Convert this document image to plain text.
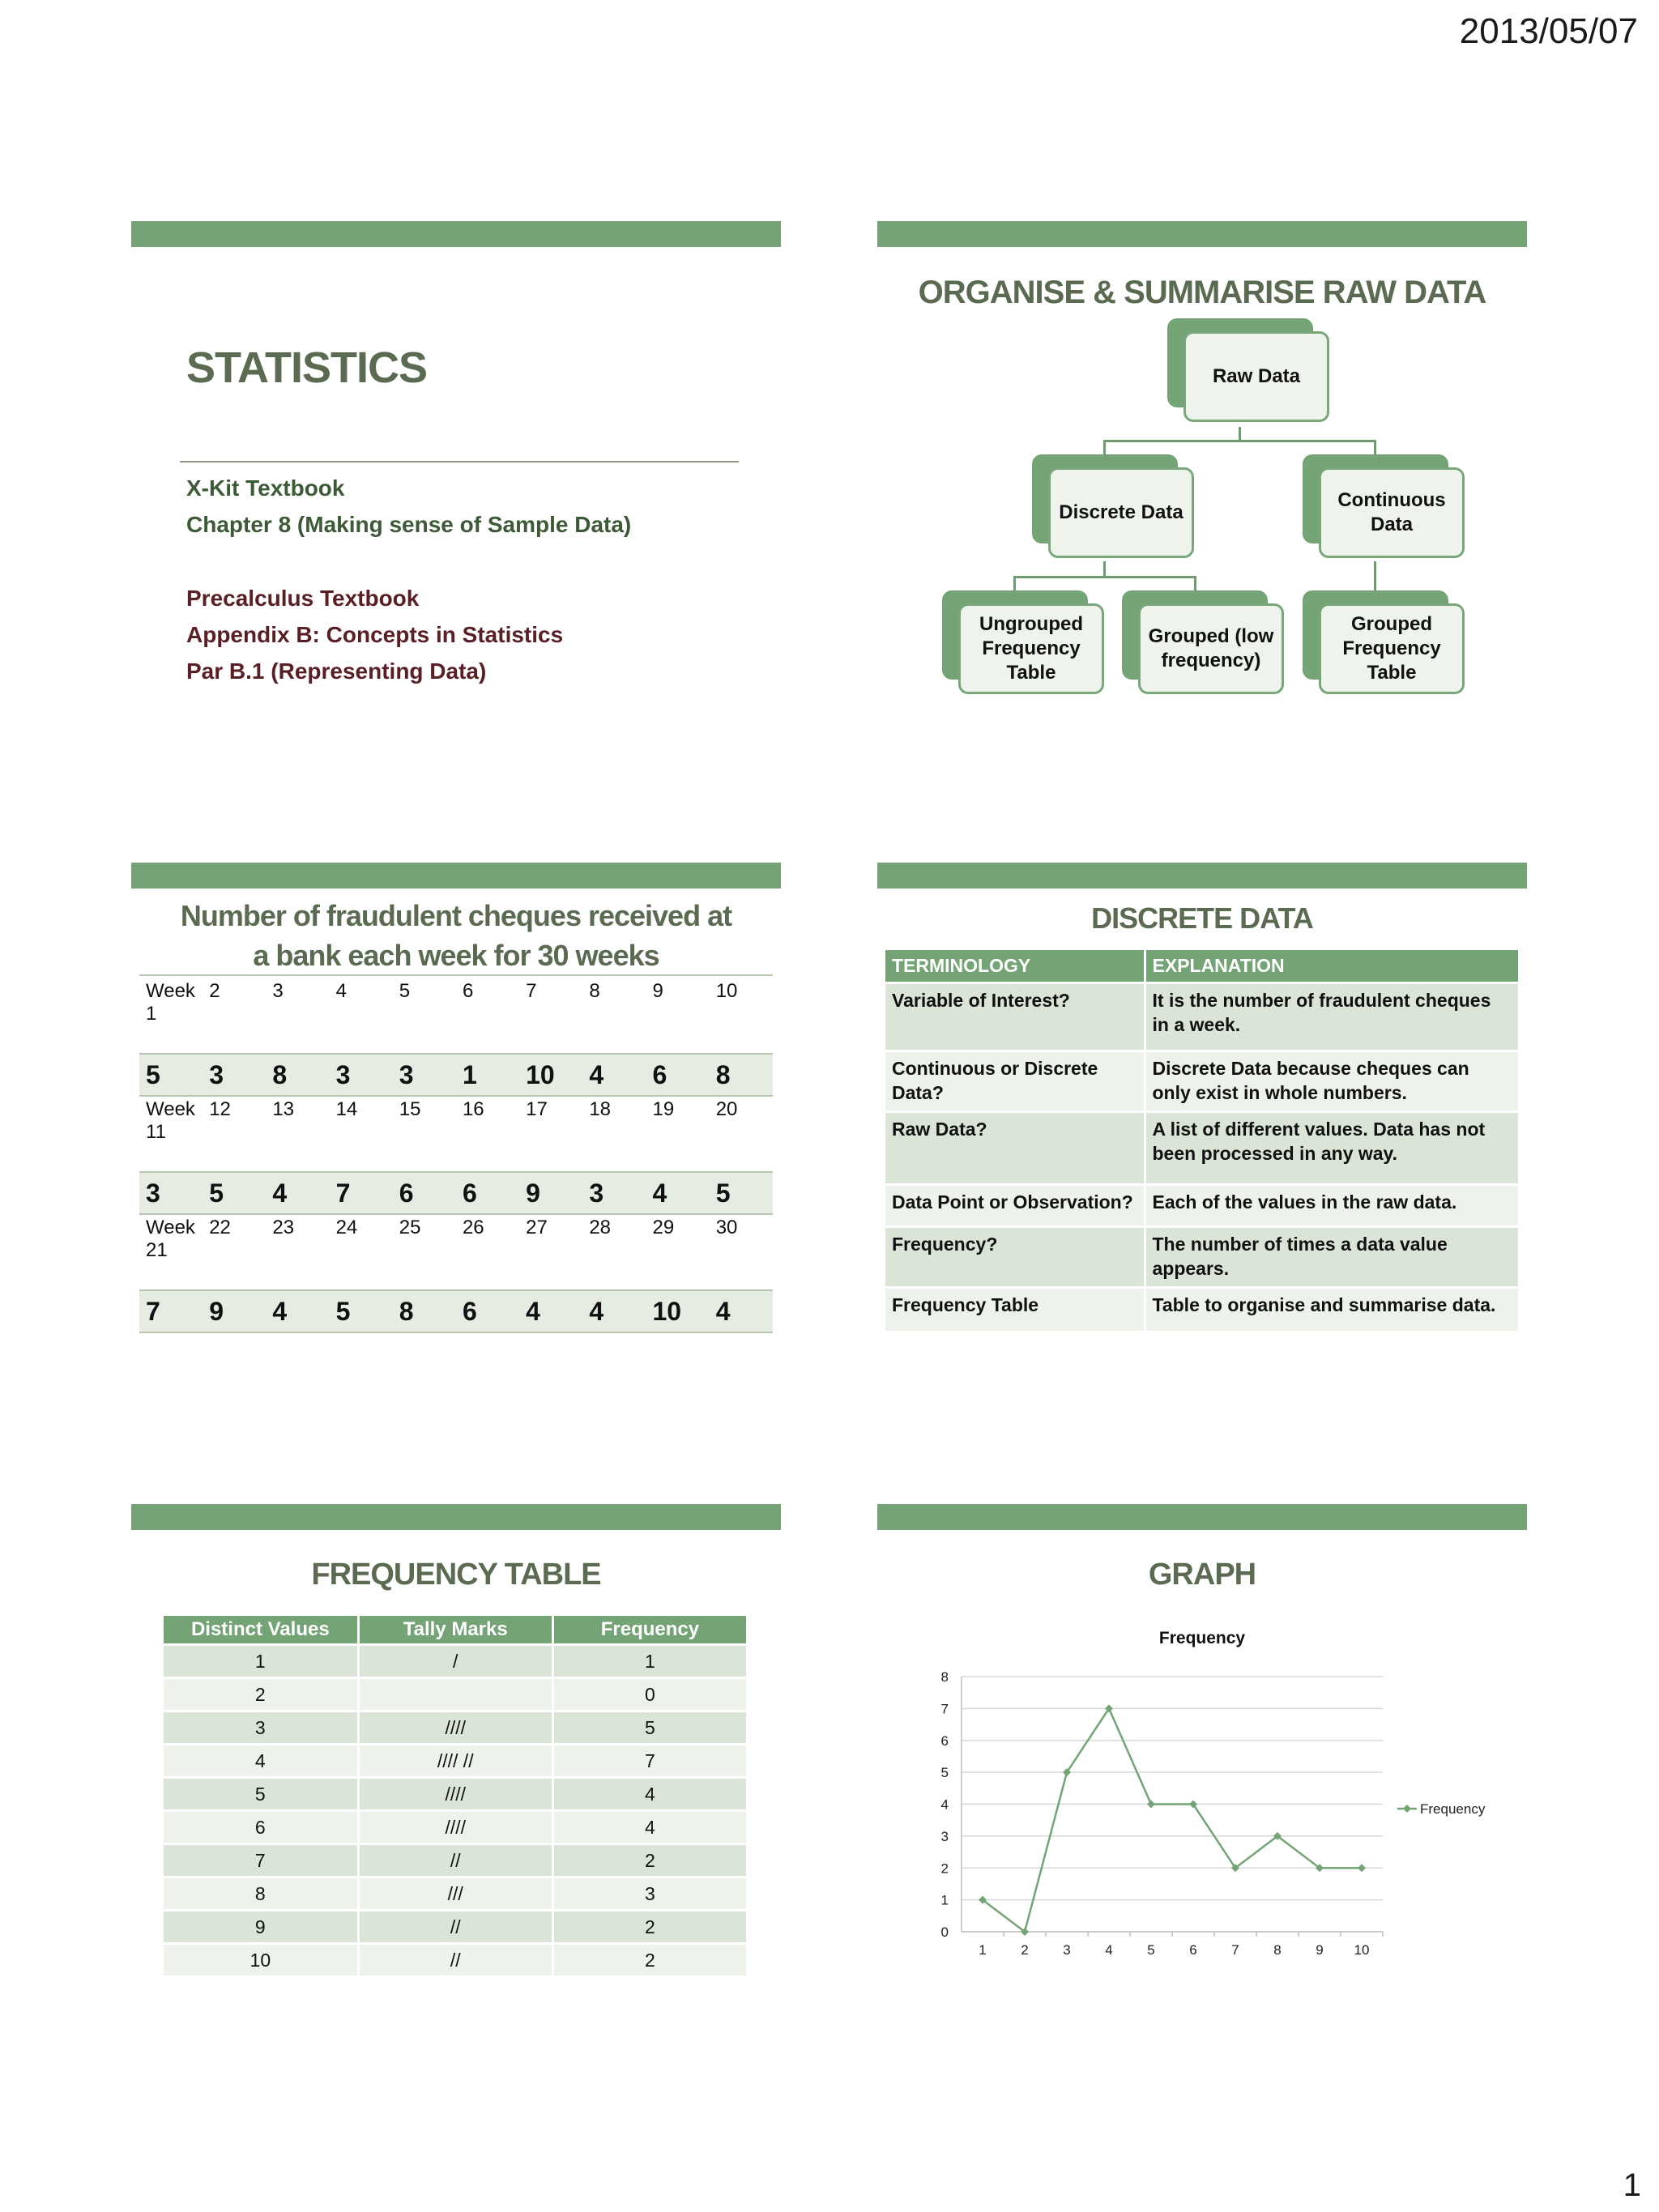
2013/05/07
STATISTICS
X-Kit Textbook
Chapter 8 (Making sense of Sample Data)
Precalculus Textbook
Appendix B: Concepts in Statistics
Par B.1 (Representing Data)
ORGANISE & SUMMARISE RAW DATA
Raw Data
Discrete Data
Continuous Data
Ungrouped Frequency Table
Grouped (low frequency)
Grouped Frequency Table
Number of fraudulent cheques received at a bank each week for 30 weeks
Week 1	2	3	4	5	6	7	8	9	10
5	3	8	3	3	1	10	4	6	8
Week 11	12	13	14	15	16	17	18	19	20
3	5	4	7	6	6	9	3	4	5
Week 21	22	23	24	25	26	27	28	29	30
7	9	4	5	8	6	4	4	10	4
DISCRETE DATA
TERMINOLOGY	EXPLANATION
Variable of Interest?	It is the number of fraudulent cheques in a week.
Continuous or Discrete Data?	Discrete Data because cheques can only exist in whole numbers.
Raw Data?	A list of different values. Data has not been processed in any way.
Data Point or Observation?	Each of the values in the raw data.
Frequency?	The number of times a data value appears.
Frequency Table	Table to organise and summarise data.
FREQUENCY TABLE
Distinct Values	Tally Marks	Frequency
1	/	1
2		0
3	////	5
4	//// //	7
5	////	4
6	////	4
7	//	2
8	///	3
9	//	2
10	//	2
GRAPH
Frequency
0
1
2
3
4
5
6
7
8
1	2	3	4	5	6	7	8	9 10
Frequency
1
